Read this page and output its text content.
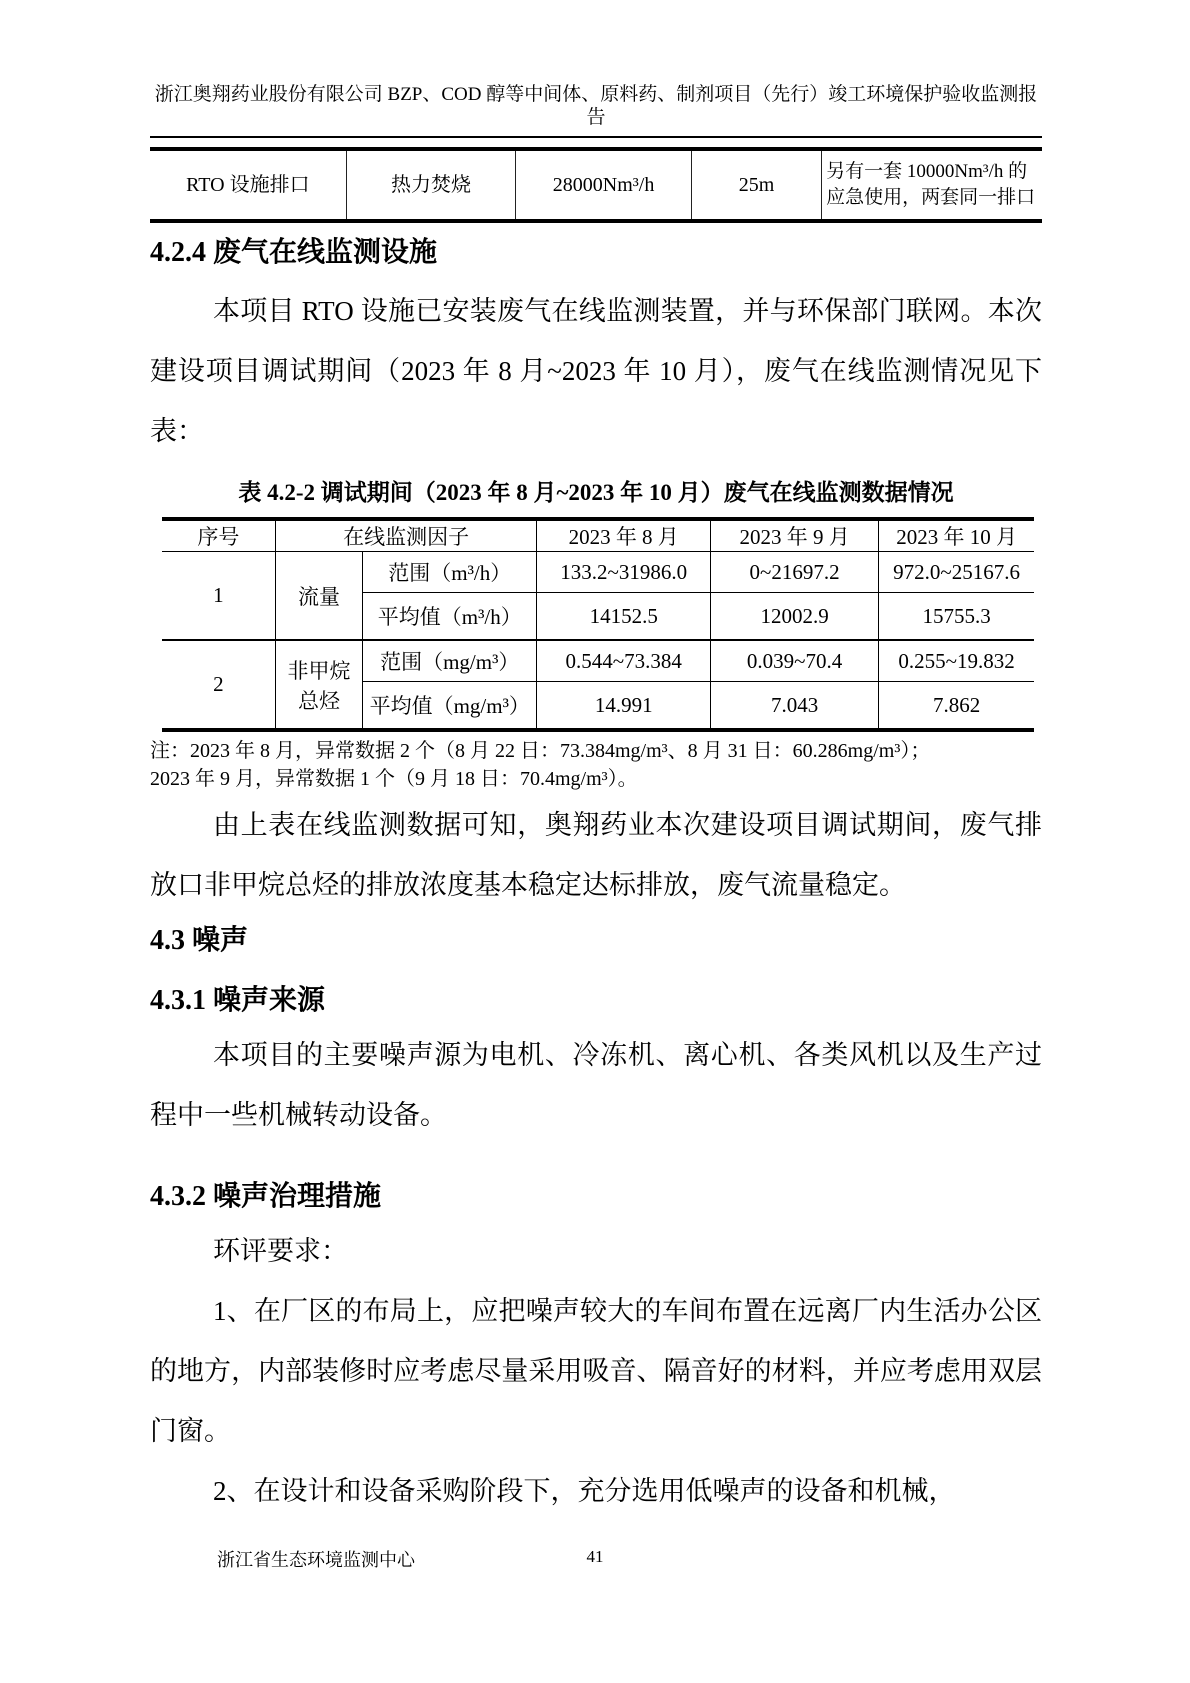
浙江奥翔药业股份有限公司 BZP、COD 醇等中间体、原料药、制剂项目（先行）竣工环境保护验收监测报
告
RTO 设施排口	热力焚烧	28000Nm³/h	25m	另有一套 10000Nm³/h 的应急使用，两套同一排口
4.2.4 废气在线监测设施

本项目 RTO 设施已安装废气在线监测装置，并与环保部门联网。本次建设项目调试期间（2023 年 8 月~2023 年 10 月），废气在线监测情况见下表：

表 4.2-2 调试期间（2023 年 8 月~2023 年 10 月）废气在线监测数据情况
序号	在线监测因子		2023 年 8 月	2023 年 9 月	2023 年 10 月
1	流量	范围（m³/h）	133.2~31986.0	0~21697.2	972.0~25167.6
		平均值（m³/h）	14152.5	12002.9	15755.3
2	非甲烷总烃	范围（mg/m³）	0.544~73.384	0.039~70.4	0.255~19.832
		平均值（mg/m³）	14.991	7.043	7.862
注：2023 年 8 月，异常数据 2 个（8 月 22 日：73.384mg/m³、8 月 31 日：60.286mg/m³）；
2023 年 9 月，异常数据 1 个（9 月 18 日：70.4mg/m³）。

由上表在线监测数据可知，奥翔药业本次建设项目调试期间，废气排放口非甲烷总烃的排放浓度基本稳定达标排放，废气流量稳定。

4.3 噪声
4.3.1 噪声来源

本项目的主要噪声源为电机、冷冻机、离心机、各类风机以及生产过程中一些机械转动设备。

4.3.2 噪声治理措施

环评要求：

1、在厂区的布局上，应把噪声较大的车间布置在远离厂内生活办公区的地方，内部装修时应考虑尽量采用吸音、隔音好的材料，并应考虑用双层门窗。

2、在设计和设备采购阶段下，充分选用低噪声的设备和机械，

浙江省生态环境监测中心	41
